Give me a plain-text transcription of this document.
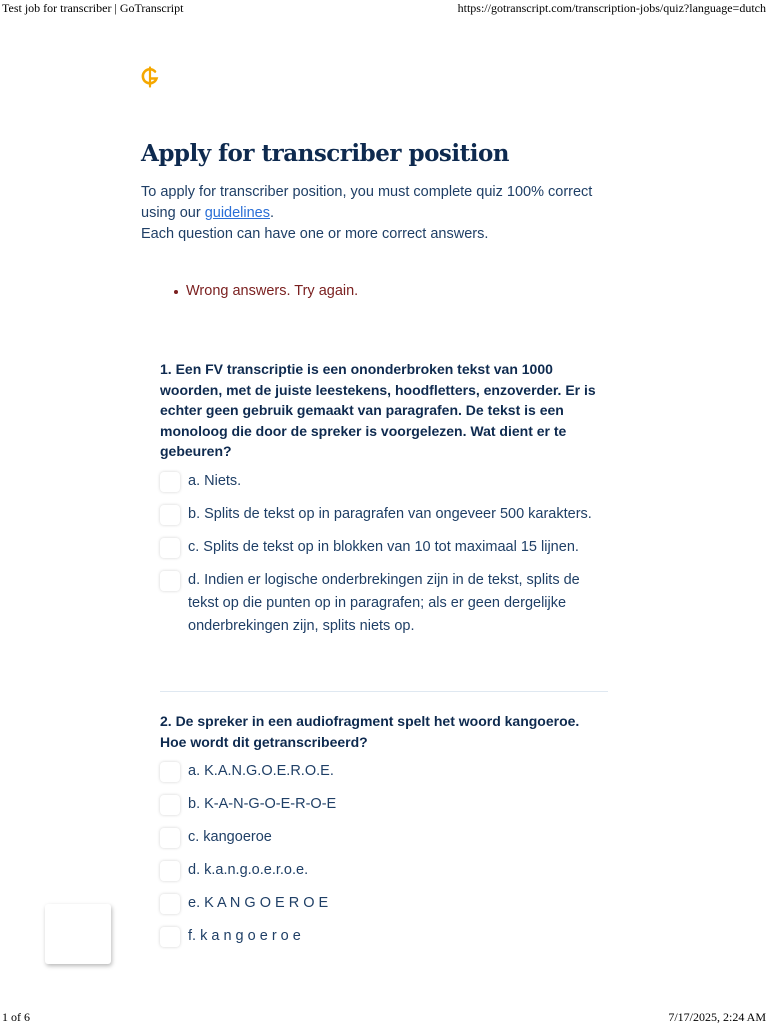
Test job for transcriber | GoTranscript	https://gotranscript.com/transcription-jobs/quiz?language=dutch
Apply for transcriber position

To apply for transcriber position, you must complete quiz 100% correct using our guidelines.
Each question can have one or more correct answers.

Wrong answers. Try again.
1. Een FV transcriptie is een ononderbroken tekst van 1000 woorden, met de juiste leestekens, hoodfletters, enzoverder. Er is echter geen gebruik gemaakt van paragrafen. De tekst is een monoloog die door de spreker is voorgelezen. Wat dient er te gebeuren?
a. Niets.
b. Splits de tekst op in paragrafen van ongeveer 500 karakters.
c. Splits de tekst op in blokken van 10 tot maximaal 15 lijnen.
d. Indien er logische onderbrekingen zijn in de tekst, splits de tekst op die punten op in paragrafen; als er geen dergelijke onderbrekingen zijn, splits niets op.
2. De spreker in een audiofragment spelt het woord kangoeroe. Hoe wordt dit getranscribeerd?
a. K.A.N.G.O.E.R.O.E.
b. K-A-N-G-O-E-R-O-E
c. kangoeroe
d. k.a.n.g.o.e.r.o.e.
e. K A N G O E R O E
f. k a n g o e r o e
1 of 6	7/17/2025, 2:24 AM
